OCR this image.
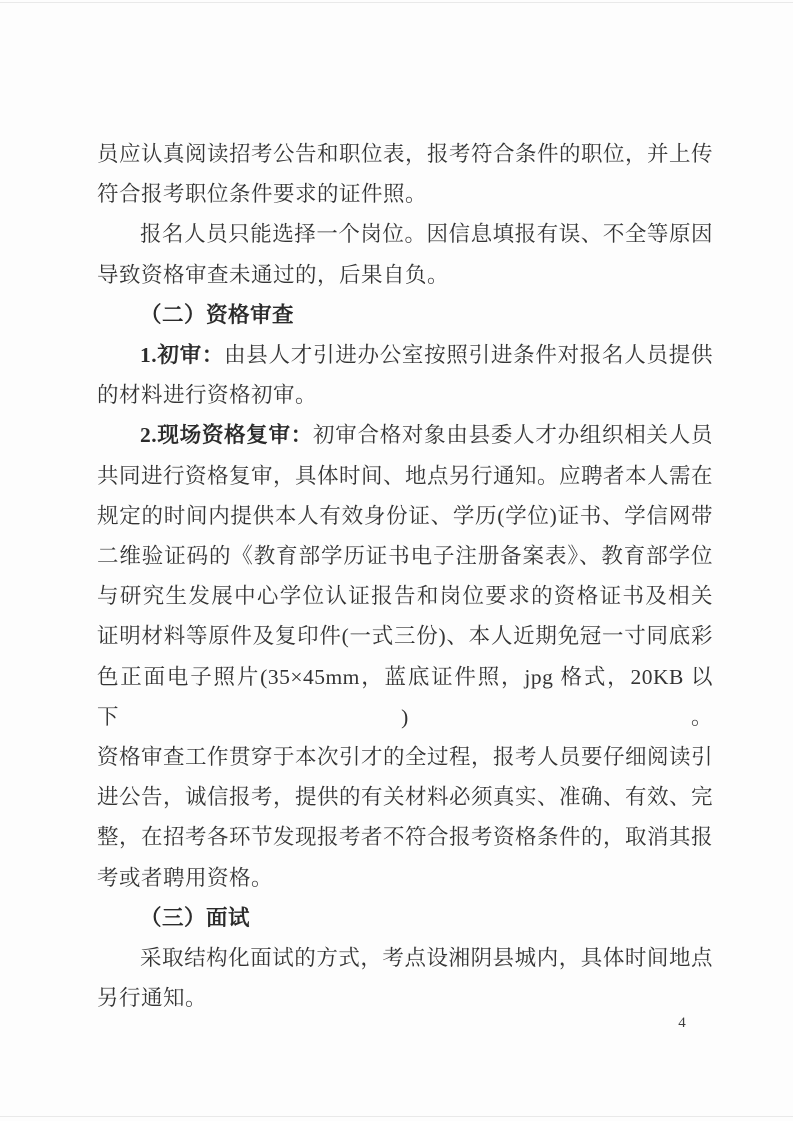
员应认真阅读招考公告和职位表，报考符合条件的职位，并上传
符合报考职位条件要求的证件照。
报名人员只能选择一个岗位。因信息填报有误、不全等原因
导致资格审查未通过的，后果自负。
（二）资格审查
1.初审：由县人才引进办公室按照引进条件对报名人员提供
的材料进行资格初审。
2.现场资格复审：初审合格对象由县委人才办组织相关人员
共同进行资格复审，具体时间、地点另行通知。应聘者本人需在
规定的时间内提供本人有效身份证、学历(学位)证书、学信网带
二维验证码的《教育部学历证书电子注册备案表》、教育部学位
与研究生发展中心学位认证报告和岗位要求的资格证书及相关
证明材料等原件及复印件(一式三份)、本人近期免冠一寸同底彩
色正面电子照片(35×45mm，蓝底证件照，jpg 格式，20KB 以下)。
资格审查工作贯穿于本次引才的全过程，报考人员要仔细阅读引
进公告，诚信报考，提供的有关材料必须真实、准确、有效、完
整，在招考各环节发现报考者不符合报考资格条件的，取消其报
考或者聘用资格。
（三）面试
采取结构化面试的方式，考点设湘阴县城内，具体时间地点
另行通知。
4
